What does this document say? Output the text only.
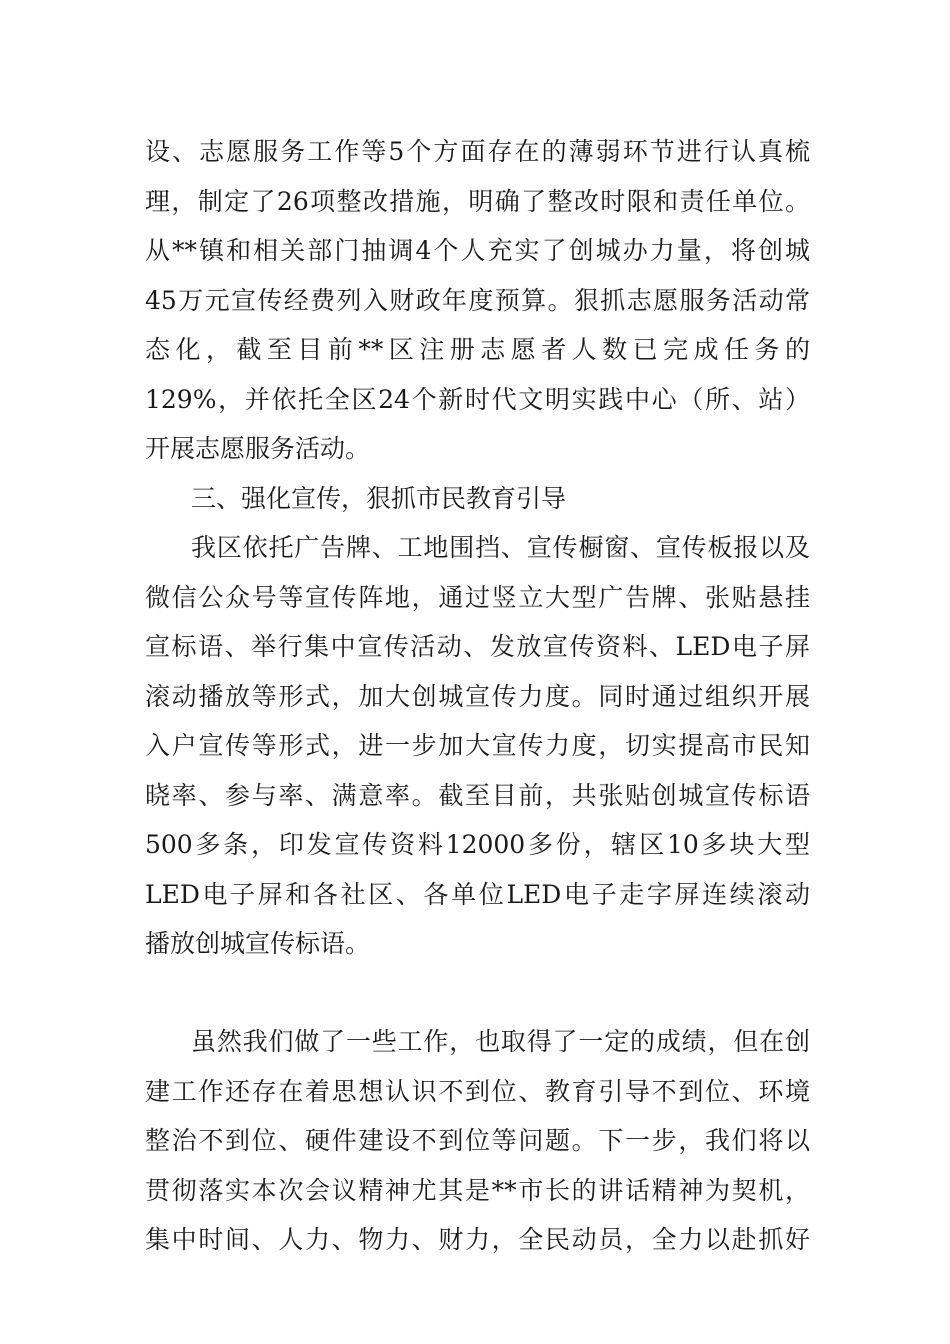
设、志愿服务工作等5个方面存在的薄弱环节进行认真梳
理，制定了26项整改措施，明确了整改时限和责任单位。
从**镇和相关部门抽调4个人充实了创城办力量，将创城
45万元宣传经费列入财政年度预算。狠抓志愿服务活动常
态化，截至目前**区注册志愿者人数已完成任务的
129%，并依托全区24个新时代文明实践中心（所、站）
开展志愿服务活动。
三、强化宣传，狠抓市民教育引导
我区依托广告牌、工地围挡、宣传橱窗、宣传板报以及
微信公众号等宣传阵地，通过竖立大型广告牌、张贴悬挂
宣标语、举行集中宣传活动、发放宣传资料、LED电子屏
滚动播放等形式，加大创城宣传力度。同时通过组织开展
入户宣传等形式，进一步加大宣传力度，切实提高市民知
晓率、参与率、满意率。截至目前，共张贴创城宣传标语
500多条，印发宣传资料12000多份，辖区10多块大型
LED电子屏和各社区、各单位LED电子走字屏连续滚动
播放创城宣传标语。
虽然我们做了一些工作，也取得了一定的成绩，但在创
建工作还存在着思想认识不到位、教育引导不到位、环境
整治不到位、硬件建设不到位等问题。下一步，我们将以
贯彻落实本次会议精神尤其是**市长的讲话精神为契机，
集中时间、人力、物力、财力，全民动员，全力以赴抓好
